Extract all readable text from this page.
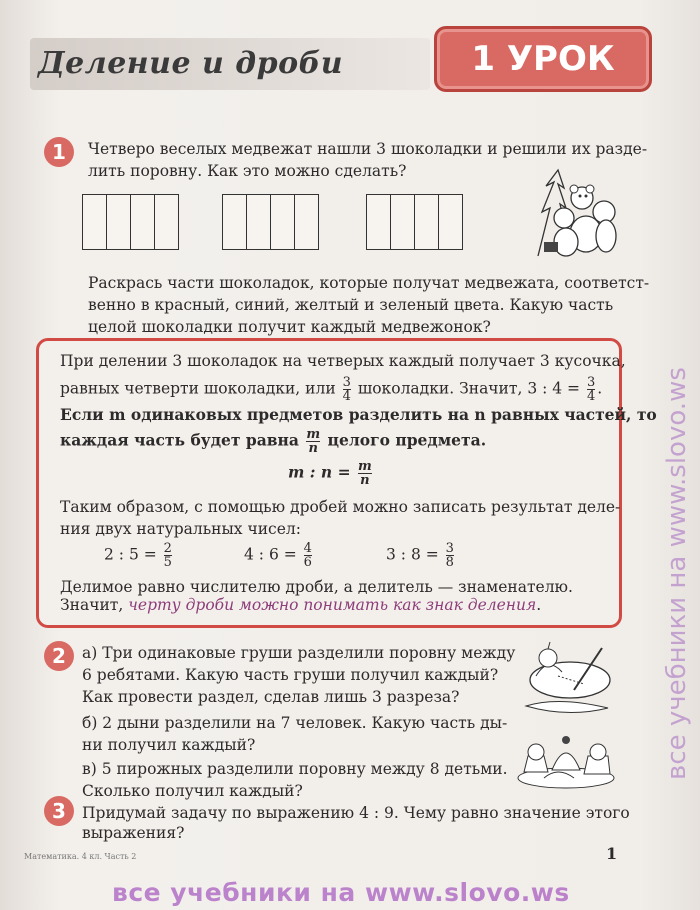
Деление и дроби	1 УРОК
1	Четверо веселых медвежат нашли 3 шоколадки и решили их разде-
лить поровну. Как это можно сделать?
Раскрась части шоколадок, которые получат медвежата, соответст-
венно в красный, синий, желтый и зеленый цвета. Какую часть
целой шоколадки получит каждый медвежонок?
При делении 3 шоколадок на четверых каждый получает 3 кусочка,
равных четверти шоколадки, или $\frac{3}{4}$ шоколадки. Значит, 3 : $4 = \frac{3}{4}$ .
Если m одинаковых предметов разделить на n равных частей, то
каждая часть будет равна $\frac{m}{n}$ целого предмета.
m : $n = \frac{m}{n}$
Таким образом, с помощью дробей можно записать результат деле-
ния двух натуральных чисел:
2 : $5 = \frac{2}{5}$	4 : $6 = \frac{4}{6}$	3 : $8 = \frac{3}{8}$
Делимое равно числителю дроби, а делитель — знаменателю.
Значит, черту дроби можно понимать как знак деления.
2	а) Три одинаковые груши разделили поровну между
6 ребятами. Какую часть груши получил каждый?
Как провести раздел, сделав лишь 3 разреза?
б) 2 дыни разделили на 7 человек. Какую часть ды-
ни получил каждый?
в) 5 пирожных разделили поровну между 8 детьми.
Сколько получил каждый?
3	Придумай задачу по выражению 4 : 9. Чему равно значение этого
выражения?
Математика. 4 кл. Часть 2	1
все учебники на www.slovo.ws
все учебники на www.slovo.ws
